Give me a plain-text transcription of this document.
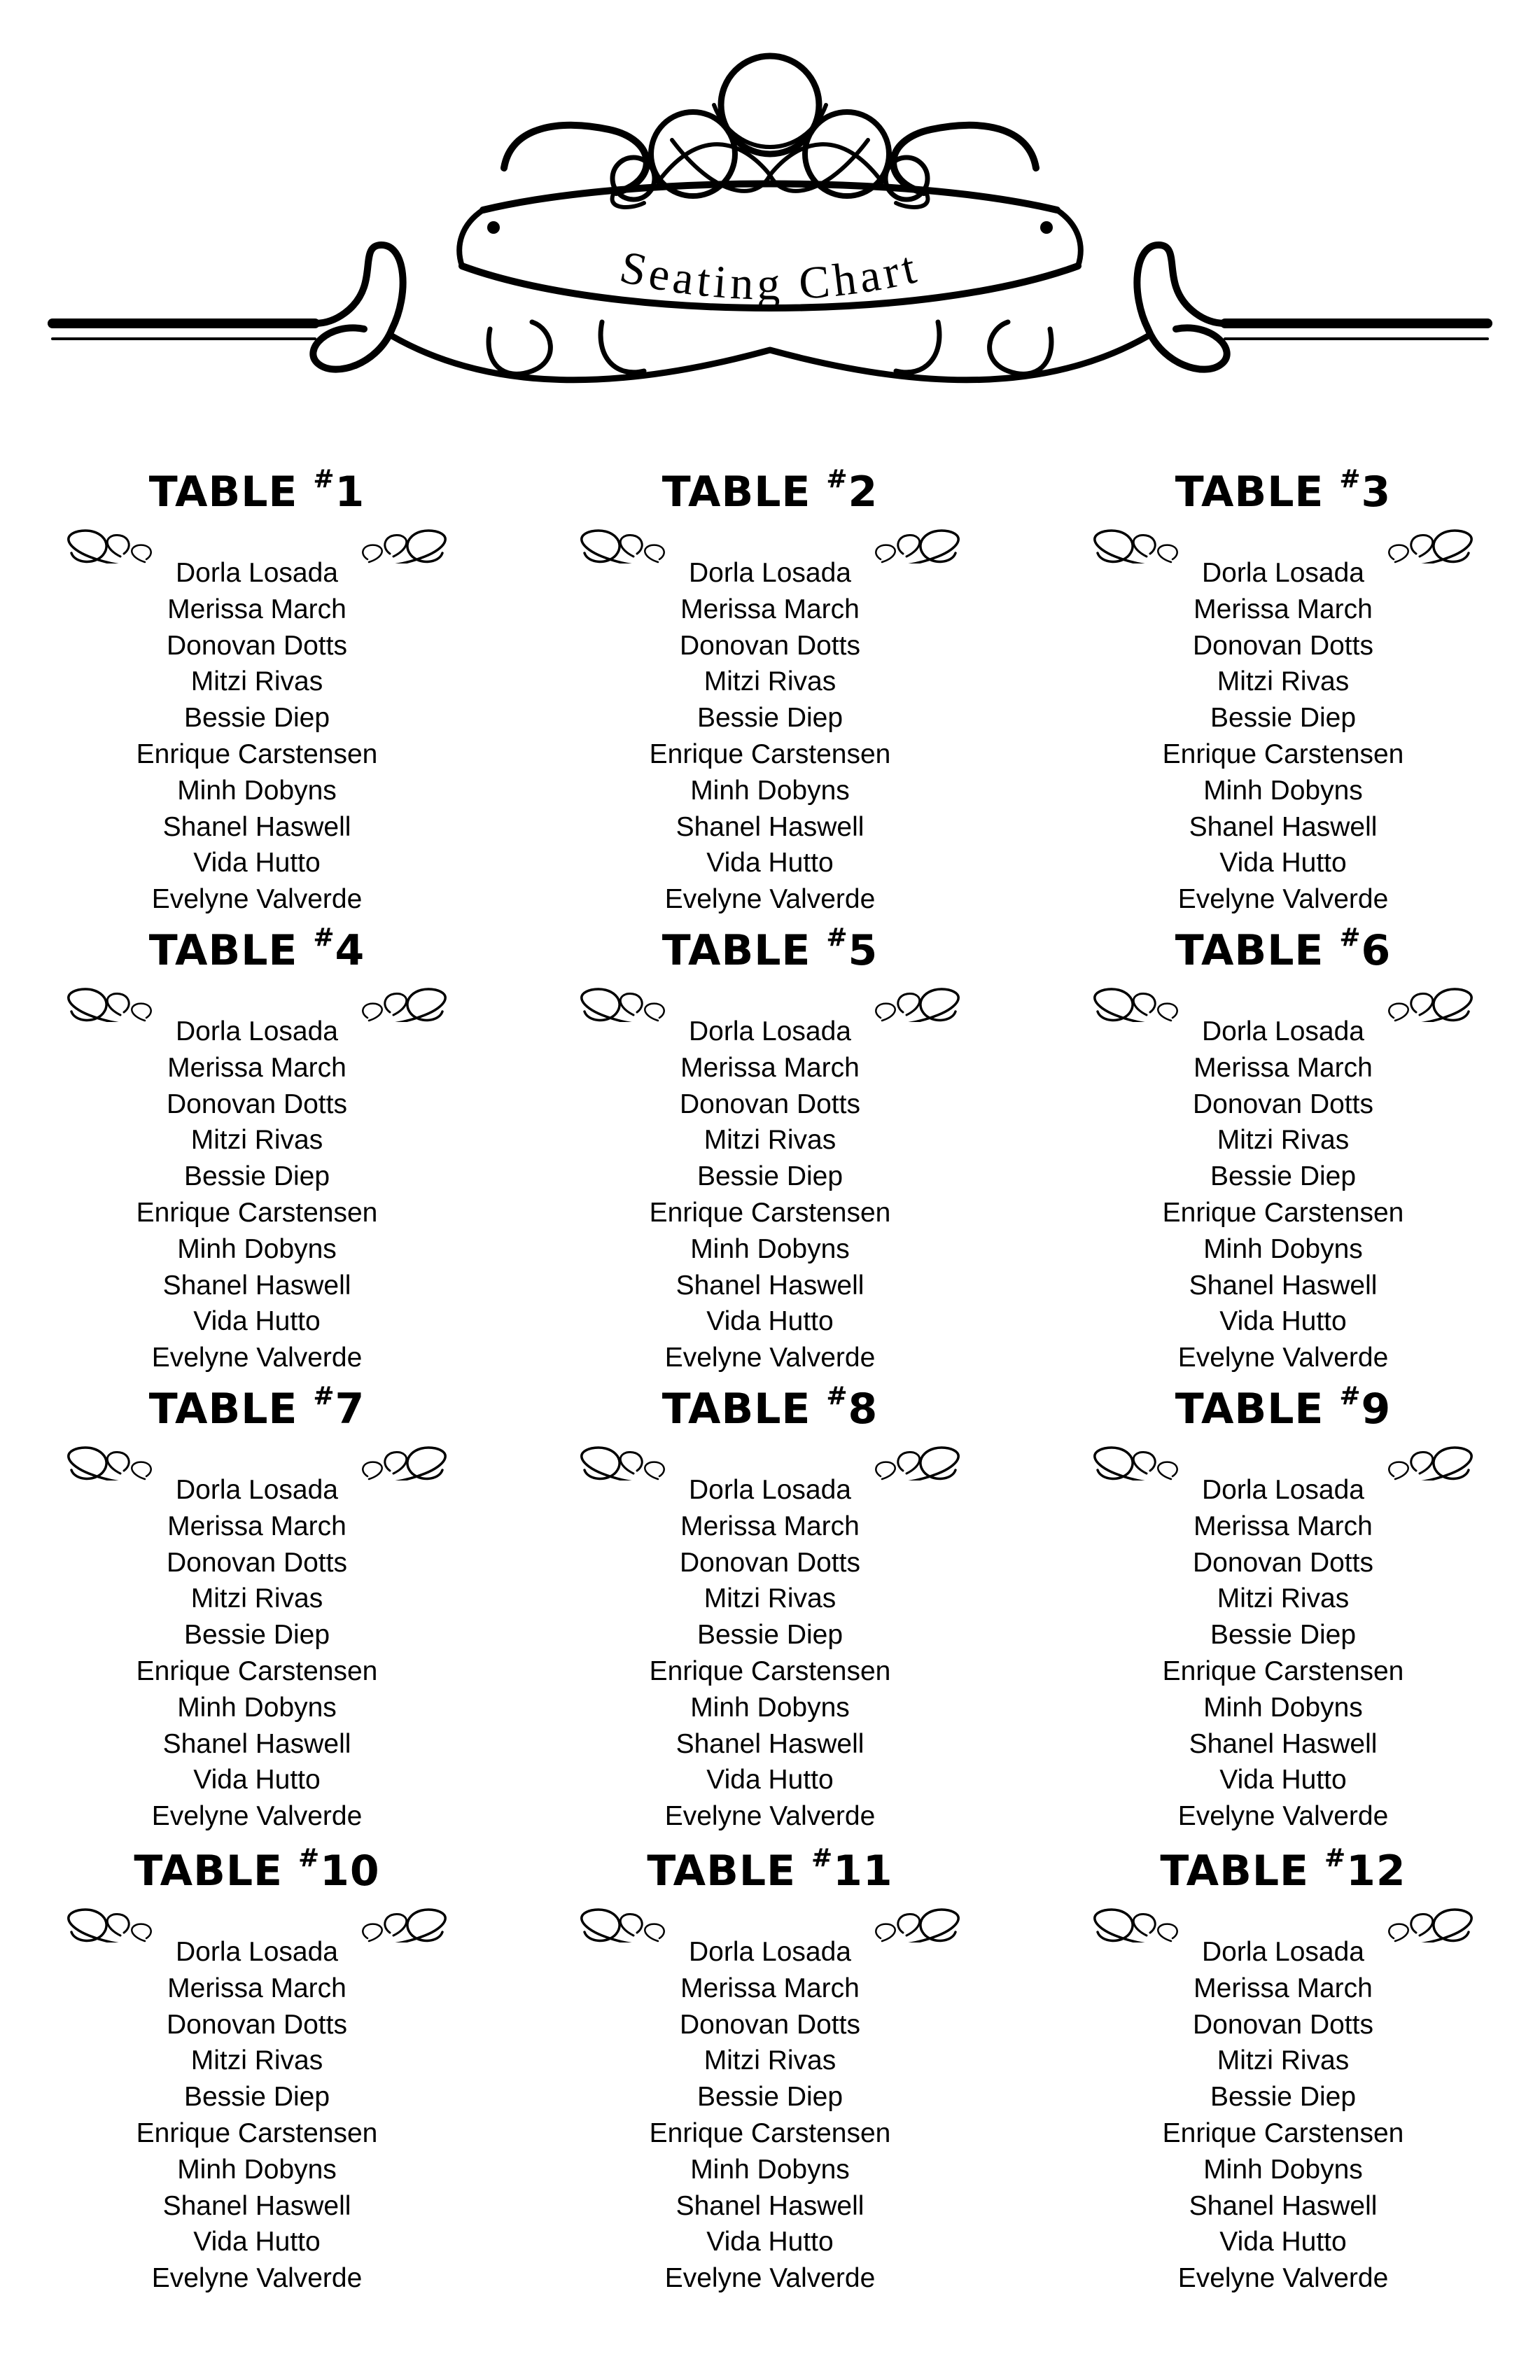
Seating Chart
TABLE #1
Dorla Losada
Merissa March
Donovan Dotts
Mitzi Rivas
Bessie Diep
Enrique Carstensen
Minh Dobyns
Shanel Haswell
Vida Hutto
Evelyne Valverde
TABLE #2
Dorla Losada
Merissa March
Donovan Dotts
Mitzi Rivas
Bessie Diep
Enrique Carstensen
Minh Dobyns
Shanel Haswell
Vida Hutto
Evelyne Valverde
TABLE #3
Dorla Losada
Merissa March
Donovan Dotts
Mitzi Rivas
Bessie Diep
Enrique Carstensen
Minh Dobyns
Shanel Haswell
Vida Hutto
Evelyne Valverde
TABLE #4
Dorla Losada
Merissa March
Donovan Dotts
Mitzi Rivas
Bessie Diep
Enrique Carstensen
Minh Dobyns
Shanel Haswell
Vida Hutto
Evelyne Valverde
TABLE #5
Dorla Losada
Merissa March
Donovan Dotts
Mitzi Rivas
Bessie Diep
Enrique Carstensen
Minh Dobyns
Shanel Haswell
Vida Hutto
Evelyne Valverde
TABLE #6
Dorla Losada
Merissa March
Donovan Dotts
Mitzi Rivas
Bessie Diep
Enrique Carstensen
Minh Dobyns
Shanel Haswell
Vida Hutto
Evelyne Valverde
TABLE #7
Dorla Losada
Merissa March
Donovan Dotts
Mitzi Rivas
Bessie Diep
Enrique Carstensen
Minh Dobyns
Shanel Haswell
Vida Hutto
Evelyne Valverde
TABLE #8
Dorla Losada
Merissa March
Donovan Dotts
Mitzi Rivas
Bessie Diep
Enrique Carstensen
Minh Dobyns
Shanel Haswell
Vida Hutto
Evelyne Valverde
TABLE #9
Dorla Losada
Merissa March
Donovan Dotts
Mitzi Rivas
Bessie Diep
Enrique Carstensen
Minh Dobyns
Shanel Haswell
Vida Hutto
Evelyne Valverde
TABLE #10
Dorla Losada
Merissa March
Donovan Dotts
Mitzi Rivas
Bessie Diep
Enrique Carstensen
Minh Dobyns
Shanel Haswell
Vida Hutto
Evelyne Valverde
TABLE #11
Dorla Losada
Merissa March
Donovan Dotts
Mitzi Rivas
Bessie Diep
Enrique Carstensen
Minh Dobyns
Shanel Haswell
Vida Hutto
Evelyne Valverde
TABLE #12
Dorla Losada
Merissa March
Donovan Dotts
Mitzi Rivas
Bessie Diep
Enrique Carstensen
Minh Dobyns
Shanel Haswell
Vida Hutto
Evelyne Valverde
